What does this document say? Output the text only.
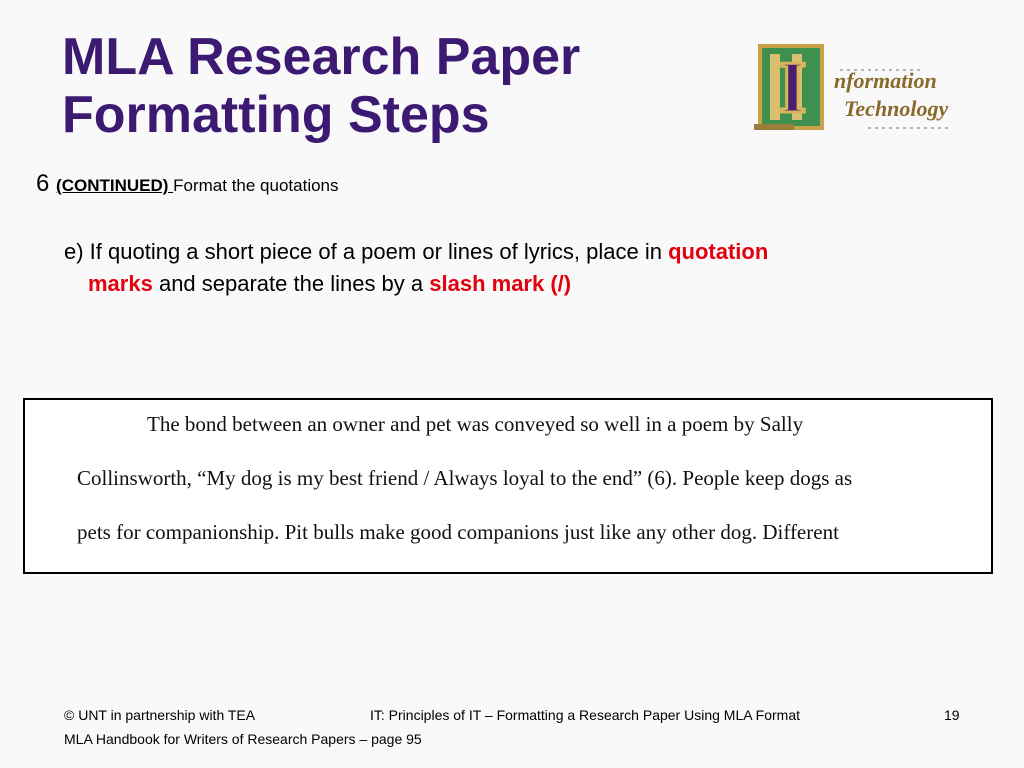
MLA Research Paper
Formatting Steps	I nformation
Technology
6 (CONTINUED) Format the quotations
e) If quoting a short piece of a poem or lines of lyrics, place in quotation
marks and separate the lines by a slash mark (/)
The bond between an owner and pet was conveyed so well in a poem by Sally
Collinsworth, “My dog is my best friend / Always loyal to the end” (6). People keep dogs as
pets for companionship. Pit bulls make good companions just like any other dog. Different
© UNT in partnership with TEA	IT: Principles of IT – Formatting a Research Paper Using MLA Format	19
MLA Handbook for Writers of Research Papers – page 95
